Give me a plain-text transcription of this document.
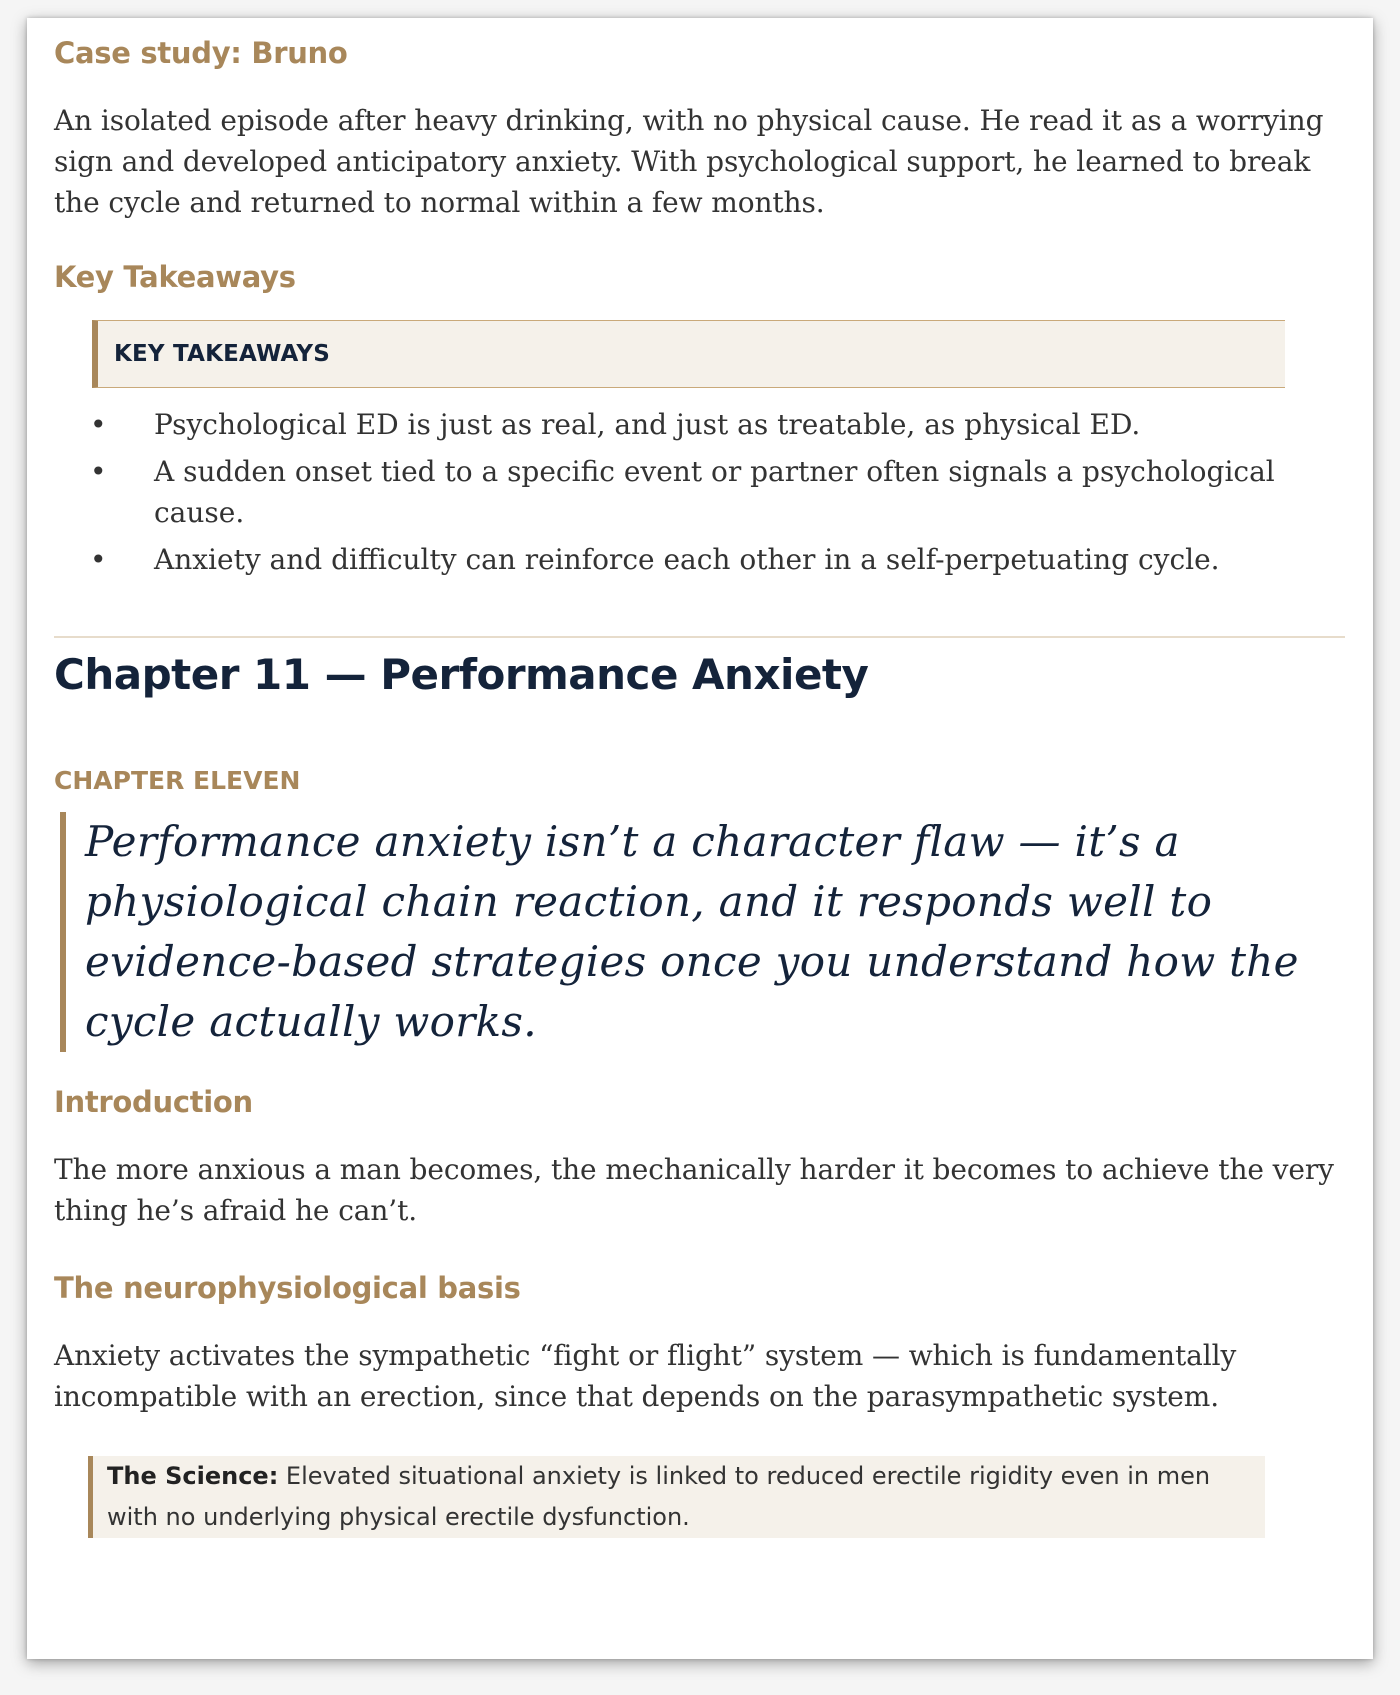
Case study: Bruno

An isolated episode after heavy drinking, with no physical cause. He read it as a worrying sign and developed anticipatory anxiety. With psychological support, he learned to break the cycle and returned to normal within a few months.

Key Takeaways
KEY TAKEAWAYS
• Psychological ED is just as real, and just as treatable, as physical ED.
• A sudden onset tied to a specific event or partner often signals a psychological cause.
• Anxiety and difficulty can reinforce each other in a self-perpetuating cycle.
Chapter 11 — Performance Anxiety
CHAPTER ELEVEN
Performance anxiety isn’t a character flaw — it’s a physiological chain reaction, and it responds well to evidence-based strategies once you understand how the cycle actually works.
Introduction

The more anxious a man becomes, the mechanically harder it becomes to achieve the very thing he’s afraid he can’t.

The neurophysiological basis

Anxiety activates the sympathetic “fight or flight” system — which is fundamentally incompatible with an erection, since that depends on the parasympathetic system.

The Science: Elevated situational anxiety is linked to reduced erectile rigidity even in men with no underlying physical erectile dysfunction.
